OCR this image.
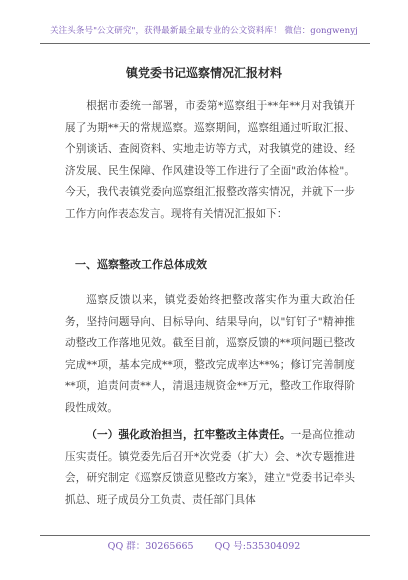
关注头条号"公文研究"，获得最新最全最专业的公文资料库！ 微信：gongwenyj
镇党委书记巡察情况汇报材料

根据市委统一部署，市委第*巡察组于**年**月对我镇开展了为期**天的常规巡察。巡察期间，巡察组通过听取汇报、个别谈话、查阅资料、实地走访等方式，对我镇党的建设、经济发展、民生保障、作风建设等工作进行了全面"政治体检"。今天，我代表镇党委向巡察组汇报整改落实情况，并就下一步工作方向作表态发言。现将有关情况汇报如下：

一、巡察整改工作总体成效

巡察反馈以来，镇党委始终把整改落实作为重大政治任务，坚持问题导向、目标导向、结果导向，以"钉钉子"精神推动整改工作落地见效。截至目前，巡察反馈的**项问题已整改完成**项，基本完成**项，整改完成率达**%；修订完善制度**项，追责问责**人，清退违规资金**万元，整改工作取得阶段性成效。

（一）强化政治担当，扛牢整改主体责任。一是高位推动压实责任。镇党委先后召开*次党委（扩大）会、*次专题推进会，研究制定《巡察反馈意见整改方案》，建立"党委书记牵头抓总、班子成员分工负责、责任部门具体

QQ 群：30265665 QQ 号:535304092
